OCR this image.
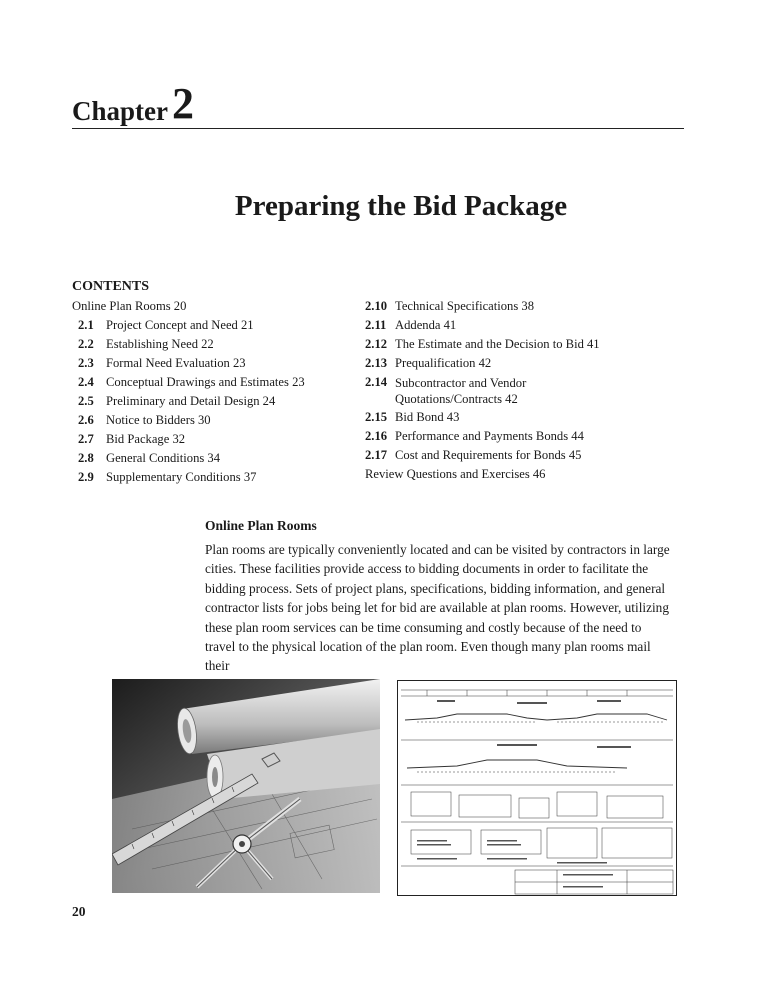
Chapter 2
Preparing the Bid Package
CONTENTS
Online Plan Rooms 20
2.1 Project Concept and Need 21
2.2 Establishing Need 22
2.3 Formal Need Evaluation 23
2.4 Conceptual Drawings and Estimates 23
2.5 Preliminary and Detail Design 24
2.6 Notice to Bidders 30
2.7 Bid Package 32
2.8 General Conditions 34
2.9 Supplementary Conditions 37
2.10 Technical Specifications 38
2.11 Addenda 41
2.12 The Estimate and the Decision to Bid 41
2.13 Prequalification 42
2.14 Subcontractor and Vendor Quotations/Contracts 42
2.15 Bid Bond 43
2.16 Performance and Payments Bonds 44
2.17 Cost and Requirements for Bonds 45
Review Questions and Exercises 46
Online Plan Rooms
Plan rooms are typically conveniently located and can be visited by contractors in large cities. These facilities provide access to bidding documents in order to facilitate the bidding process. Sets of project plans, specifications, bidding information, and general contractor lists for jobs being let for bid are available at plan rooms. However, utilizing these plan room services can be time consuming and costly because of the need to travel to the physical location of the plan room. Even though many plan rooms mail their
20
